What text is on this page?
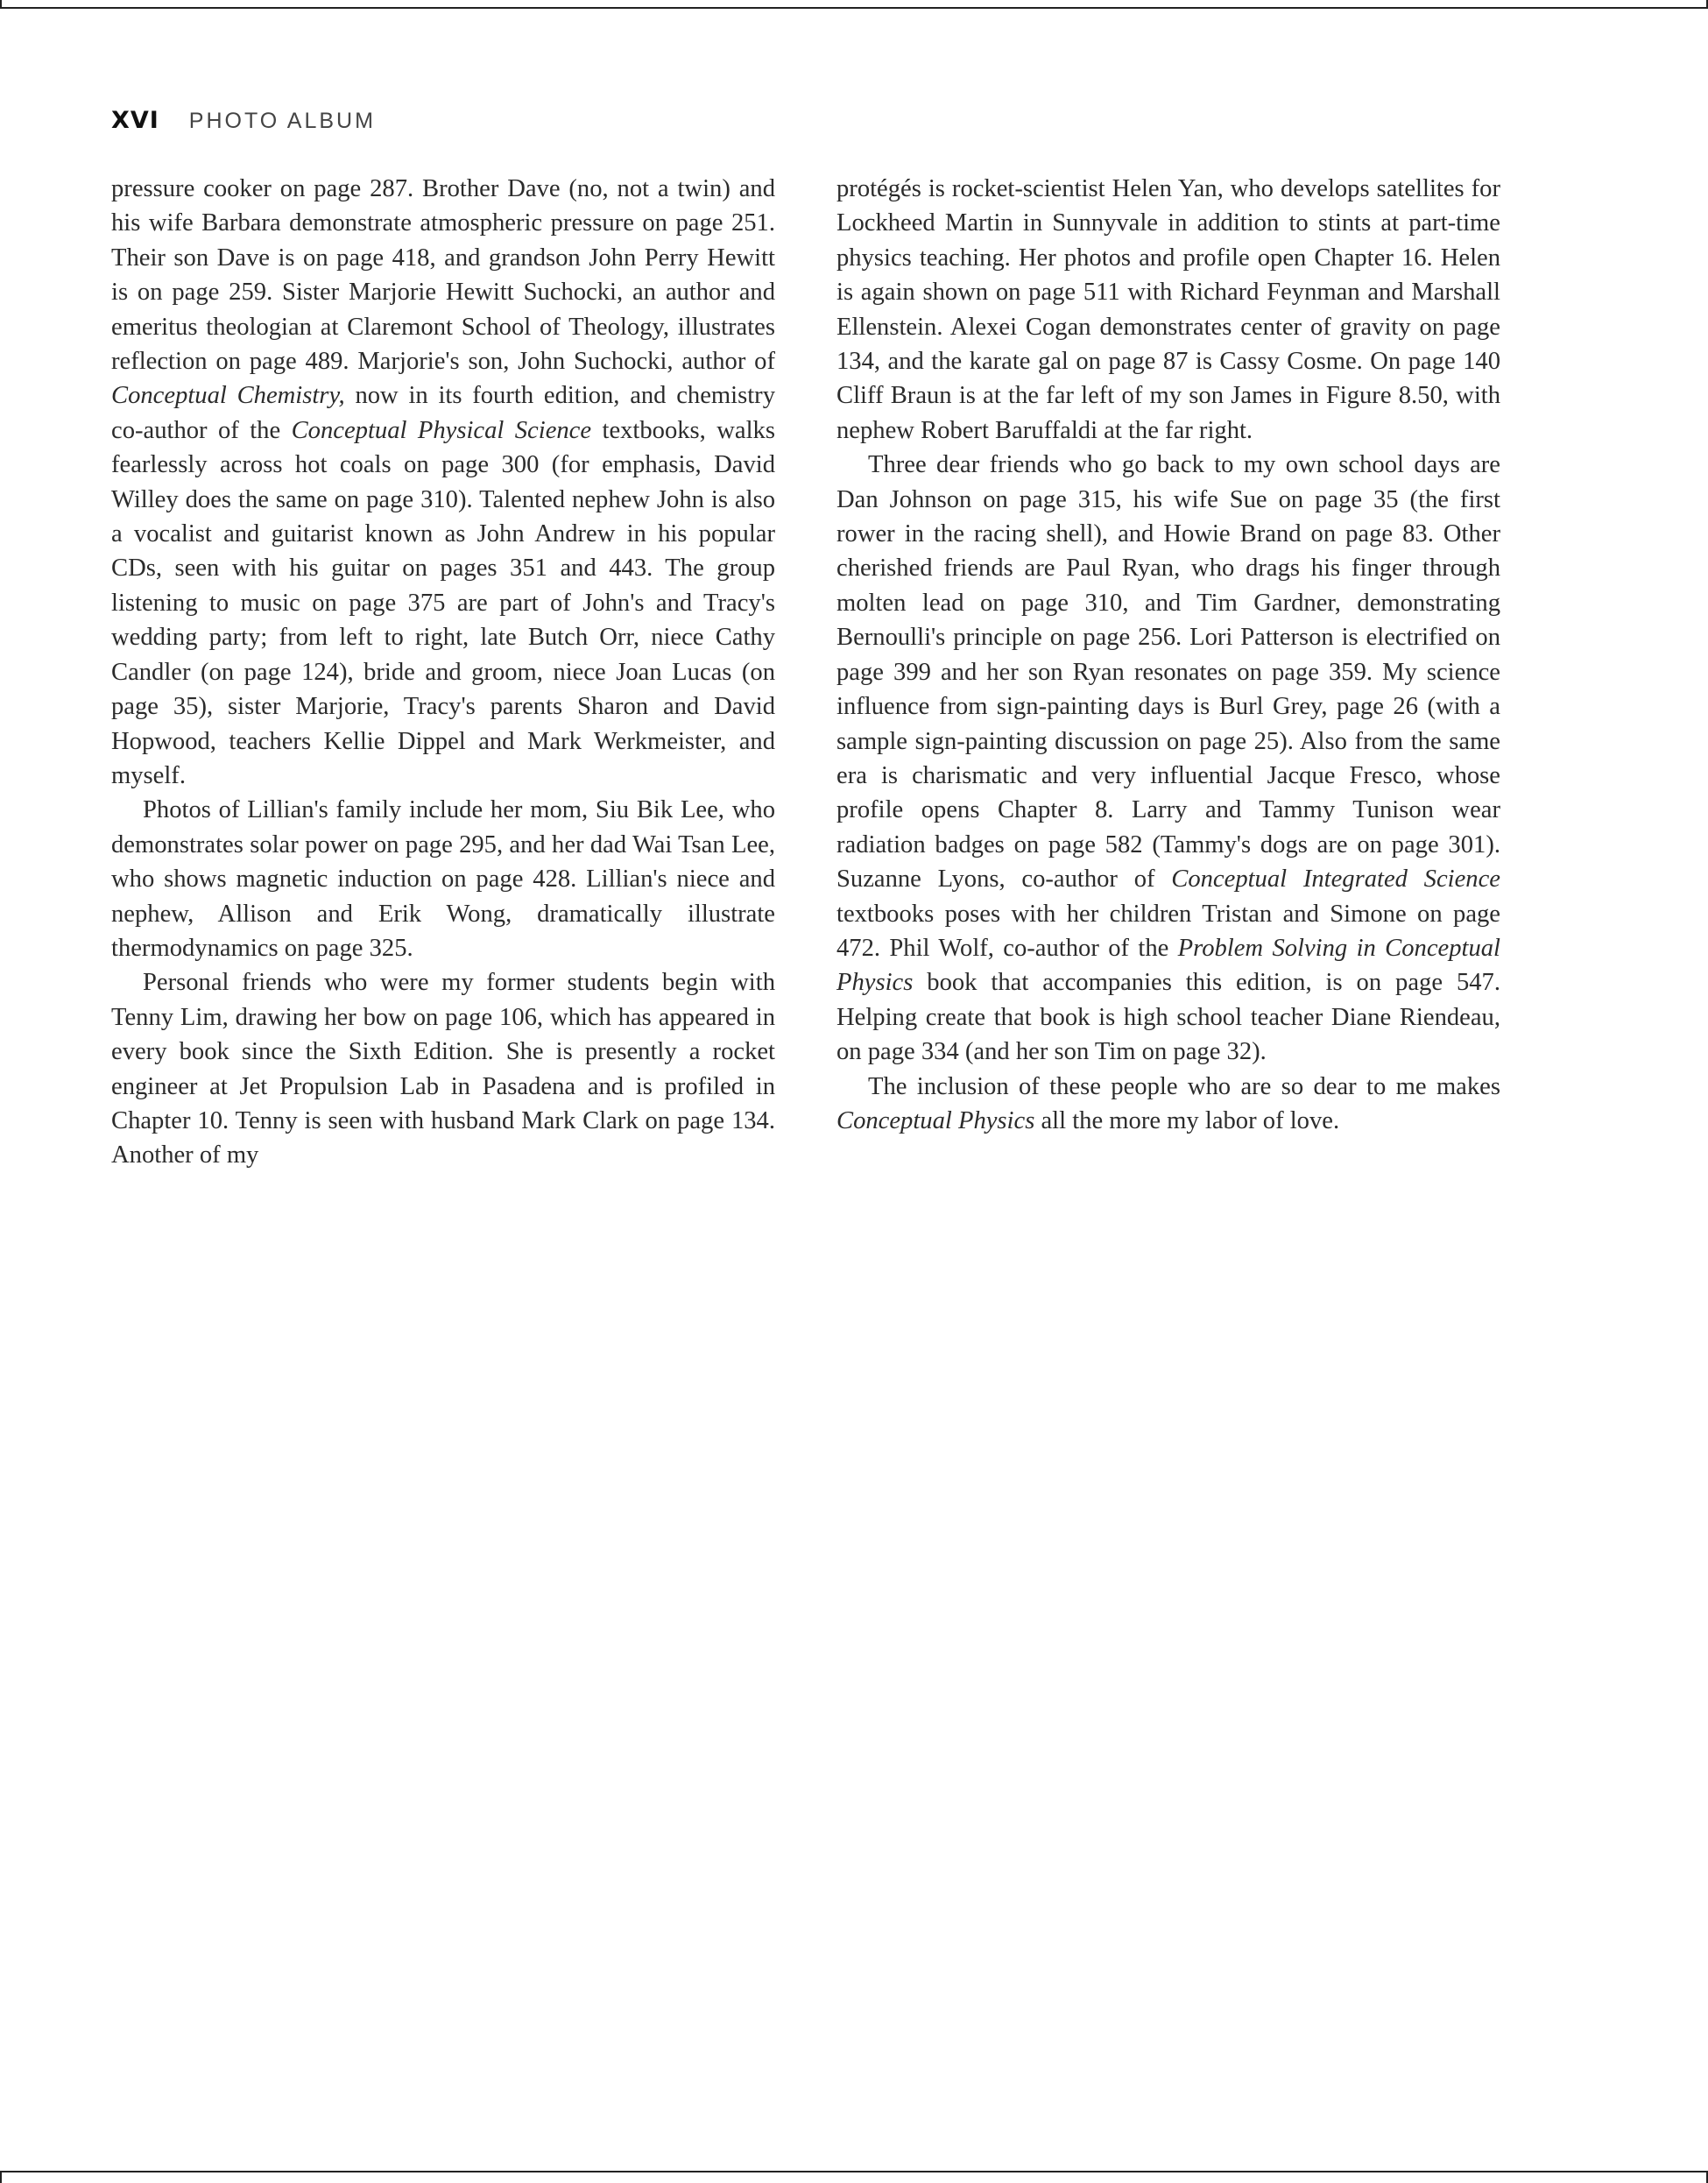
XVI PHOTO ALBUM

pressure cooker on page 287. Brother Dave (no, not a twin) and his wife Barbara demonstrate atmospheric pressure on page 251. Their son Dave is on page 418, and grandson John Perry Hewitt is on page 259. Sister Marjorie Hewitt Suchocki, an author and emeritus theologian at Claremont School of Theology, illustrates reflection on page 489. Marjorie's son, John Suchocki, author of Conceptual Chemistry, now in its fourth edition, and chemistry co-author of the Conceptual Physical Science textbooks, walks fearlessly across hot coals on page 300 (for emphasis, David Willey does the same on page 310). Talented nephew John is also a vocalist and guitarist known as John Andrew in his popular CDs, seen with his guitar on pages 351 and 443. The group listening to music on page 375 are part of John's and Tracy's wedding party; from left to right, late Butch Orr, niece Cathy Candler (on page 124), bride and groom, niece Joan Lucas (on page 35), sister Marjorie, Tracy's parents Sharon and David Hopwood, teachers Kellie Dippel and Mark Werkmeister, and myself.

Photos of Lillian's family include her mom, Siu Bik Lee, who demonstrates solar power on page 295, and her dad Wai Tsan Lee, who shows magnetic induction on page 428. Lillian's niece and nephew, Allison and Erik Wong, dramatically illustrate thermodynamics on page 325.

Personal friends who were my former students begin with Tenny Lim, drawing her bow on page 106, which has appeared in every book since the Sixth Edition. She is presently a rocket engineer at Jet Propulsion Lab in Pasadena and is profiled in Chapter 10. Tenny is seen with husband Mark Clark on page 134. Another of my

protégés is rocket-scientist Helen Yan, who develops satellites for Lockheed Martin in Sunnyvale in addition to stints at part-time physics teaching. Her photos and profile open Chapter 16. Helen is again shown on page 511 with Richard Feynman and Marshall Ellenstein. Alexei Cogan demonstrates center of gravity on page 134, and the karate gal on page 87 is Cassy Cosme. On page 140 Cliff Braun is at the far left of my son James in Figure 8.50, with nephew Robert Baruffaldi at the far right.

Three dear friends who go back to my own school days are Dan Johnson on page 315, his wife Sue on page 35 (the first rower in the racing shell), and Howie Brand on page 83. Other cherished friends are Paul Ryan, who drags his finger through molten lead on page 310, and Tim Gardner, demonstrating Bernoulli's principle on page 256. Lori Patterson is electrified on page 399 and her son Ryan resonates on page 359. My science influence from sign-painting days is Burl Grey, page 26 (with a sample sign-painting discussion on page 25). Also from the same era is charismatic and very influential Jacque Fresco, whose profile opens Chapter 8. Larry and Tammy Tunison wear radiation badges on page 582 (Tammy's dogs are on page 301). Suzanne Lyons, co-author of Conceptual Integrated Science textbooks poses with her children Tristan and Simone on page 472. Phil Wolf, co-author of the Problem Solving in Conceptual Physics book that accompanies this edition, is on page 547. Helping create that book is high school teacher Diane Riendeau, on page 334 (and her son Tim on page 32).

The inclusion of these people who are so dear to me makes Conceptual Physics all the more my labor of love.
